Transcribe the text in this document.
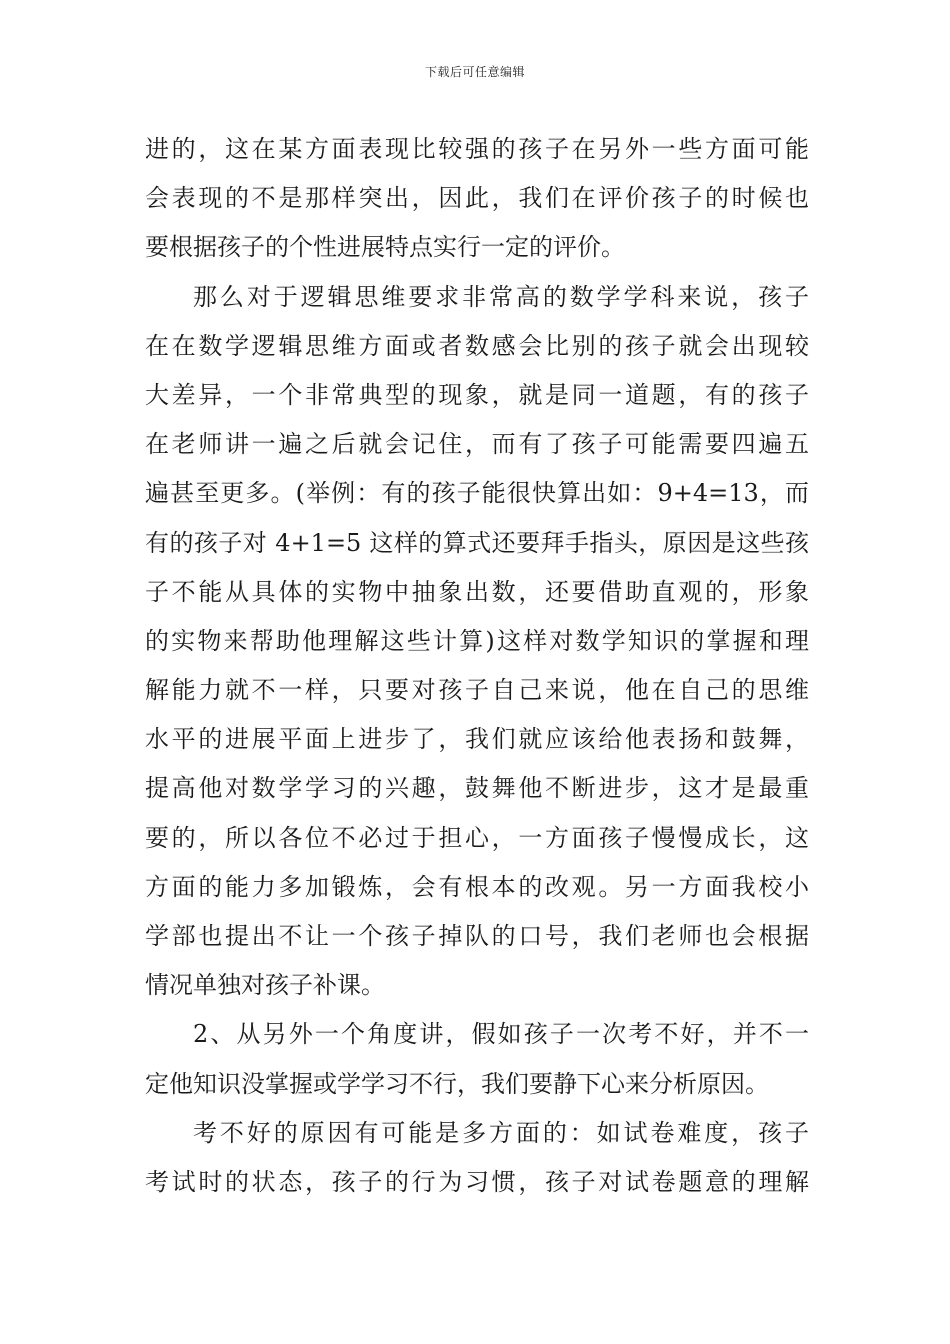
下载后可任意编辑
进的，这在某方面表现比较强的孩子在另外一些方面可能
会表现的不是那样突出，因此，我们在评价孩子的时候也
要根据孩子的个性进展特点实行一定的评价。
那么对于逻辑思维要求非常高的数学学科来说，孩子
在在数学逻辑思维方面或者数感会比别的孩子就会出现较
大差异，一个非常典型的现象，就是同一道题，有的孩子
在老师讲一遍之后就会记住，而有了孩子可能需要四遍五
遍甚至更多。(举例：有的孩子能很快算出如：9+4=13，而
有的孩子对 4+1=5 这样的算式还要拜手指头，原因是这些孩
子不能从具体的实物中抽象出数，还要借助直观的，形象
的实物来帮助他理解这些计算)这样对数学知识的掌握和理
解能力就不一样，只要对孩子自己来说，他在自己的思维
水平的进展平面上进步了，我们就应该给他表扬和鼓舞，
提高他对数学学习的兴趣，鼓舞他不断进步，这才是最重
要的，所以各位不必过于担心，一方面孩子慢慢成长，这
方面的能力多加锻炼，会有根本的改观。另一方面我校小
学部也提出不让一个孩子掉队的口号，我们老师也会根据
情况单独对孩子补课。
2、从另外一个角度讲，假如孩子一次考不好，并不一
定他知识没掌握或学学习不行，我们要静下心来分析原因。
考不好的原因有可能是多方面的：如试卷难度，孩子
考试时的状态，孩子的行为习惯，孩子对试卷题意的理解
